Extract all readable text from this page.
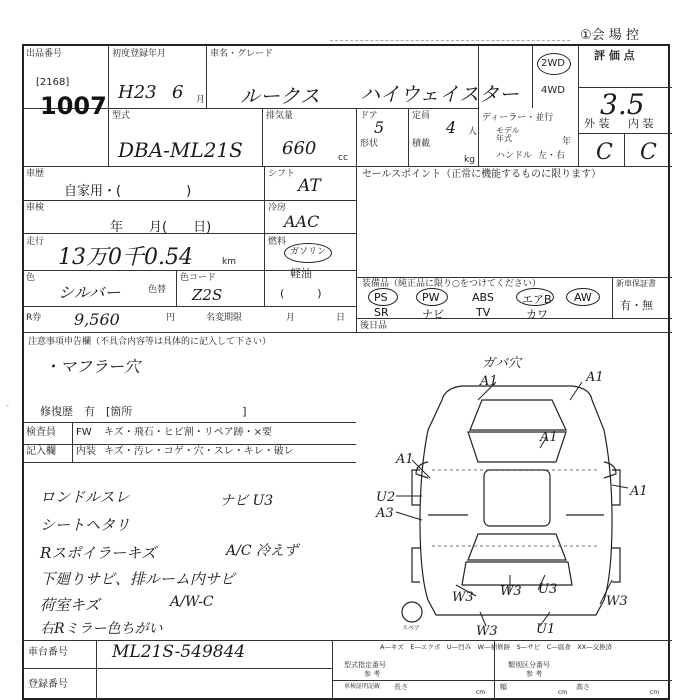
①会 場 控
出品番号
[2168]
1007
初度登録年月
H23 6 月
車名・グレード
ルークス ハイウェイスター
2WD
4WD
評 価 点
3.5
外 装 内 装
C C
型式
DBA-ML21S
排気量
660 cc
ドア
5
形状
定員
4 人
積載
kg
ディーラー・並行
モデル
年式	年
ハンドル 左・右
車歴
自家用・(　　　　　)
車検
年　　月(　　日)
走行
13万0千0.54	km
色
シルバー	色替
色コード
Z2S
R券 9,560	円	名変期限	月	日
シフト
AT
冷房
AAC
燃料
ガソリン
軽油
(　　　)
セールスポイント（正常に機能するものに限ります）
装備品（純正品に限り○をつけてください）	新車保証書
有・無
PS	PW	ABS	エアB AW
SR	ナビ	TV	カワ
後日品
注意事項申告欄（不具合内容等は具体的に記入して下さい）
・マフラー穴
修復歴　有　[箇所　　　　　　　　　　]
検査員
記入欄
FW キズ・飛石・ヒビ割・リペア跡・×要
内装 キズ・汚レ・コゲ・穴・スレ・キレ・破レ
ロンドルスレ
シートヘタリ
Rスポイラーキズ
下廻りサビ、排ルーム内サビ
荷室キズ
右Rミラー色ちがい
ナビ U3
A/C 冷えず
A/W-C
ガバ穴
A1	A1
A1
A1
A1
U2
A3
W3 W3 U3
W3
W3	U1
スペア
A—キズ　E—エクボ　U—凹み　W—補修跡　S—サビ　C—腐食　XX—交換済
車台番号	ML21S-549844
登録番号
型式指定番号
参 考
車検証明記載 長さ
cm
類別区分番号
参 考
幅
cm
高さ
cm
-
